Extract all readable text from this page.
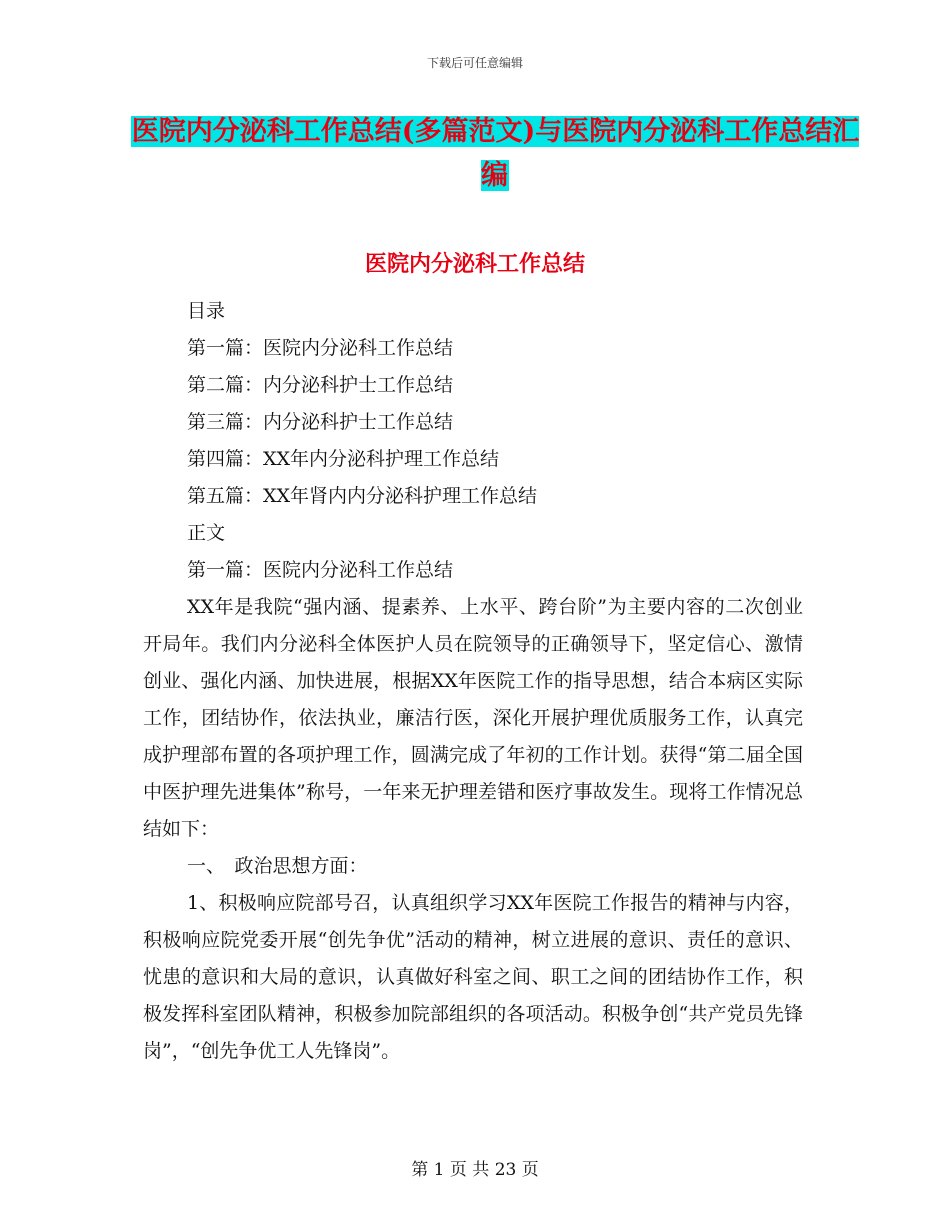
下载后可任意编辑
医院内分泌科工作总结(多篇范文)与医院内分泌科工作总结汇编
医院内分泌科工作总结

目录

第一篇：医院内分泌科工作总结

第二篇：内分泌科护士工作总结

第三篇：内分泌科护士工作总结

第四篇：XX年内分泌科护理工作总结

第五篇：XX年肾内内分泌科护理工作总结

正文

第一篇：医院内分泌科工作总结

XX年是我院“强内涵、提素养、上水平、跨台阶”为主要内容的二次创业开局年。我们内分泌科全体医护人员在院领导的正确领导下，坚定信心、激情创业、强化内涵、加快进展，根据XX年医院工作的指导思想，结合本病区实际工作，团结协作，依法执业，廉洁行医，深化开展护理优质服务工作，认真完成护理部布置的各项护理工作，圆满完成了年初的工作计划。获得“第二届全国中医护理先进集体”称号，一年来无护理差错和医疗事故发生。现将工作情况总结如下：

一、　政治思想方面：

1、积极响应院部号召，认真组织学习XX年医院工作报告的精神与内容，积极响应院党委开展“创先争优”活动的精神，树立进展的意识、责任的意识、忧患的意识和大局的意识，认真做好科室之间、职工之间的团结协作工作，积极发挥科室团队精神，积极参加院部组织的各项活动。积极争创“共产党员先锋岗”，“创先争优工人先锋岗”。

第 1 页 共 23 页
